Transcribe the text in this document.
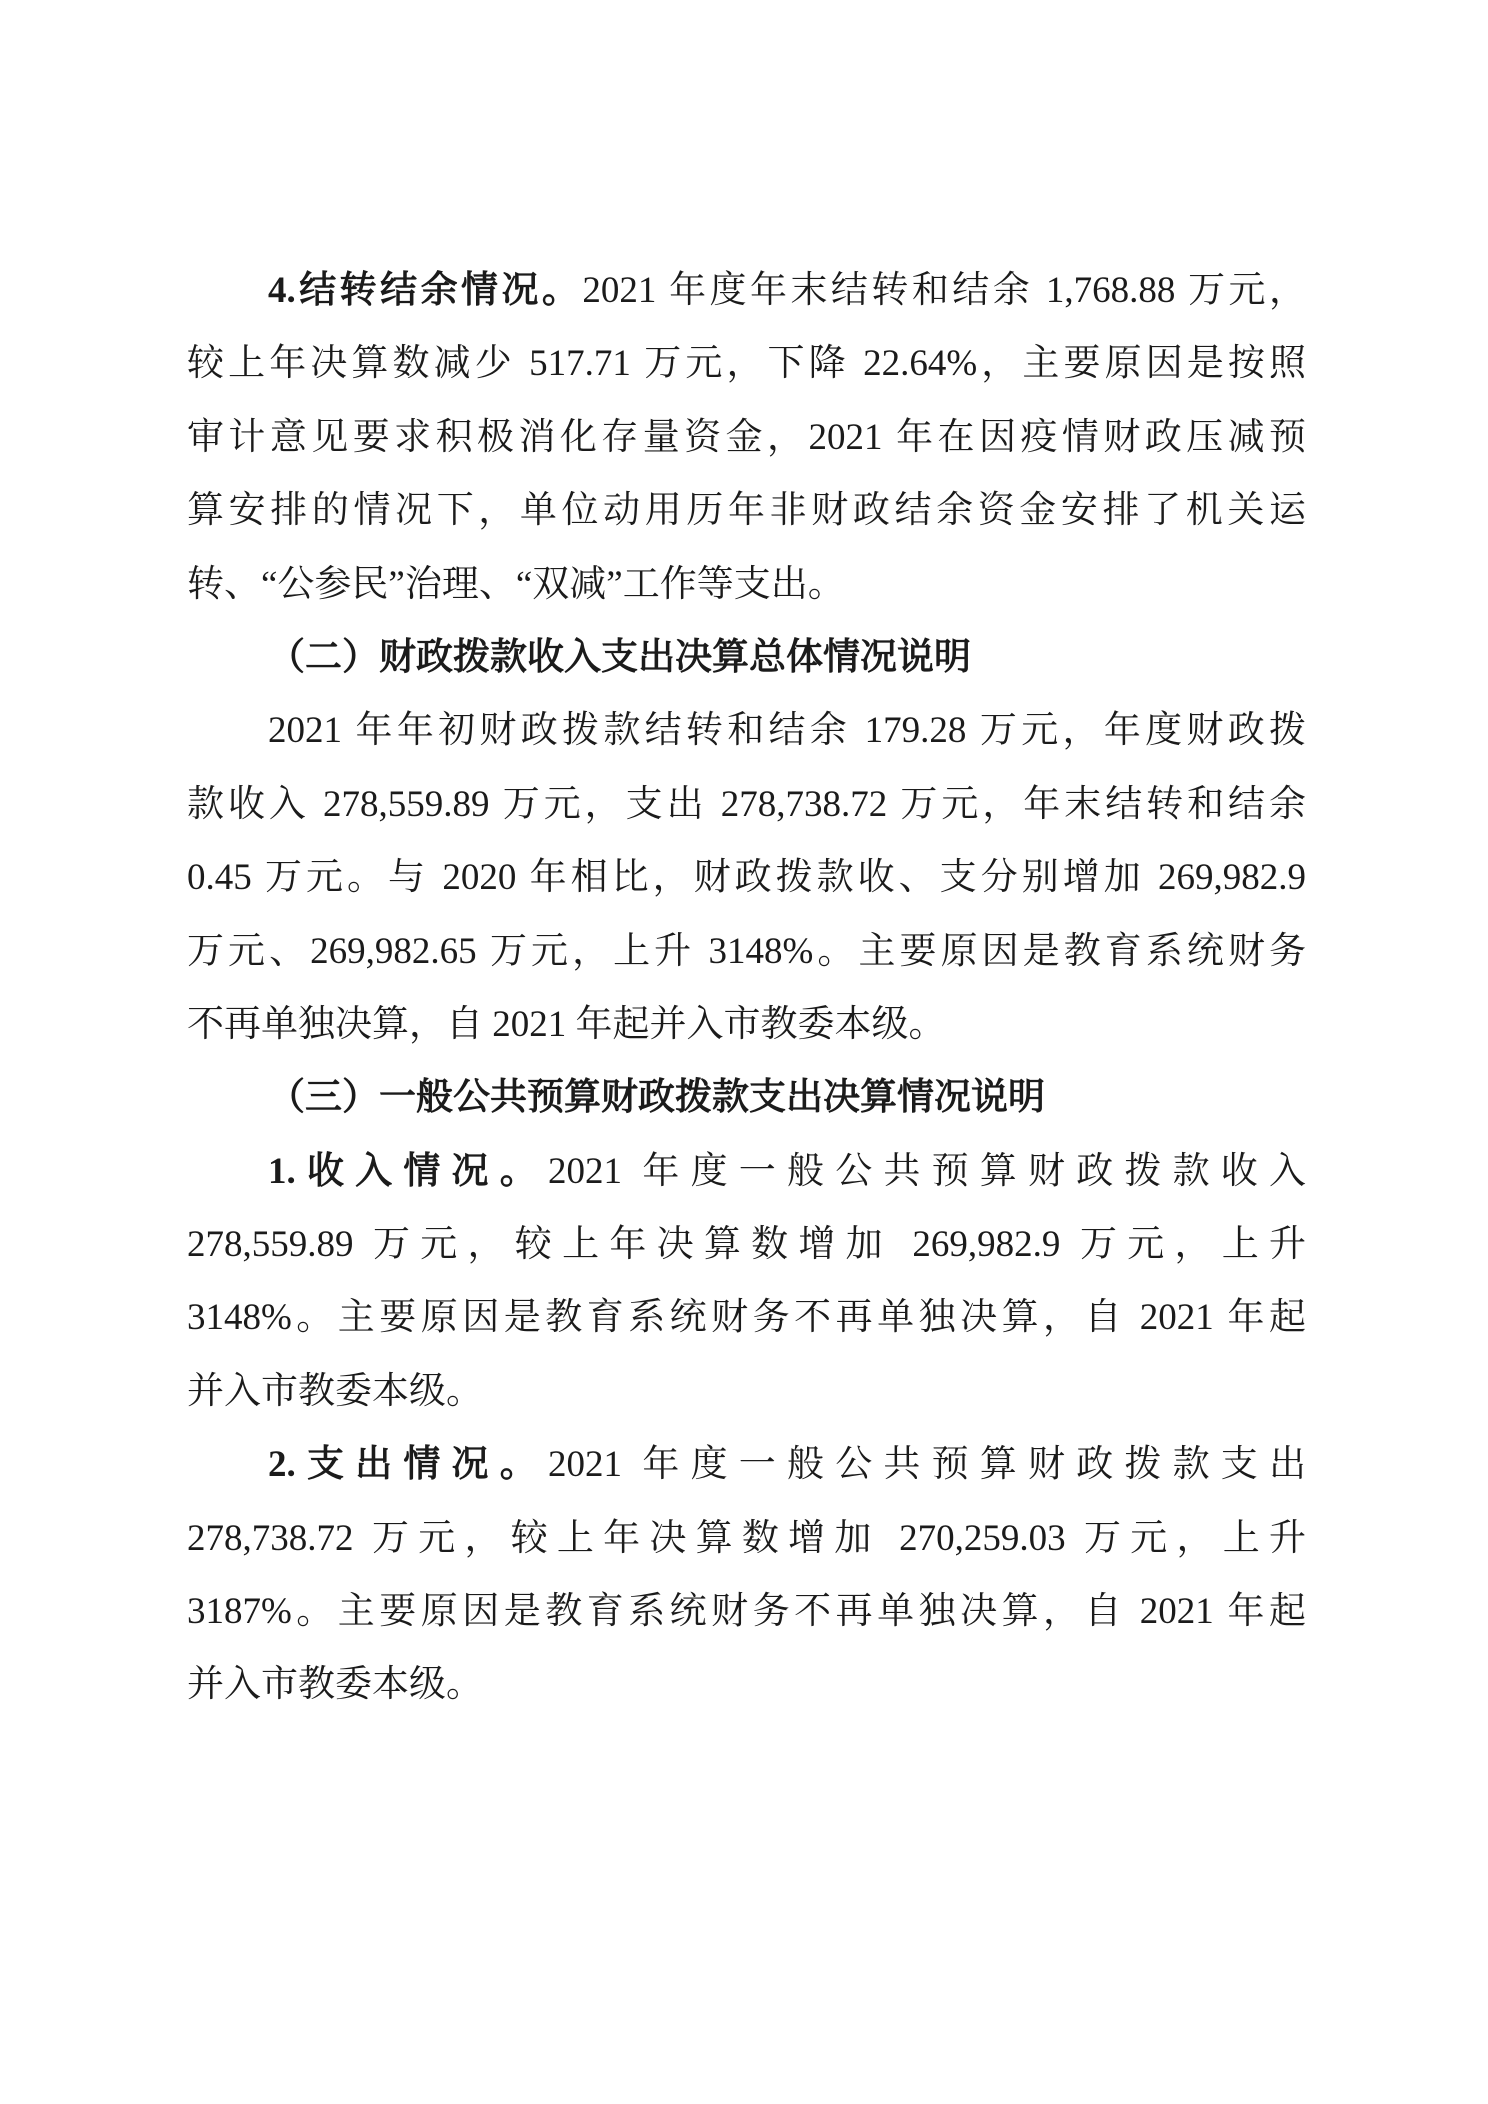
4.结转结余情况。2021 年度年末结转和结余 1,768.88 万元，
较上年决算数减少 517.71 万元，下降 22.64%，主要原因是按照
审计意见要求积极消化存量资金，2021 年在因疫情财政压减预
算安排的情况下，单位动用历年非财政结余资金安排了机关运
转、“公参民”治理、“双减”工作等支出。
（二）财政拨款收入支出决算总体情况说明
2021 年年初财政拨款结转和结余 179.28 万元，年度财政拨
款收入 278,559.89 万元，支出 278,738.72 万元，年末结转和结余
0.45 万元。与 2020 年相比，财政拨款收、支分别增加 269,982.9
万元、269,982.65 万元，上升 3148%。主要原因是教育系统财务
不再单独决算，自 2021 年起并入市教委本级。
（三）一般公共预算财政拨款支出决算情况说明
1.收入情况。2021 年度一般公共预算财政拨款收入
278,559.89 万元，较上年决算数增加 269,982.9 万元，上升
3148%。主要原因是教育系统财务不再单独决算，自 2021 年起
并入市教委本级。
2.支出情况。2021 年度一般公共预算财政拨款支出
278,738.72 万元，较上年决算数增加 270,259.03 万元，上升
3187%。主要原因是教育系统财务不再单独决算，自 2021 年起
并入市教委本级。
